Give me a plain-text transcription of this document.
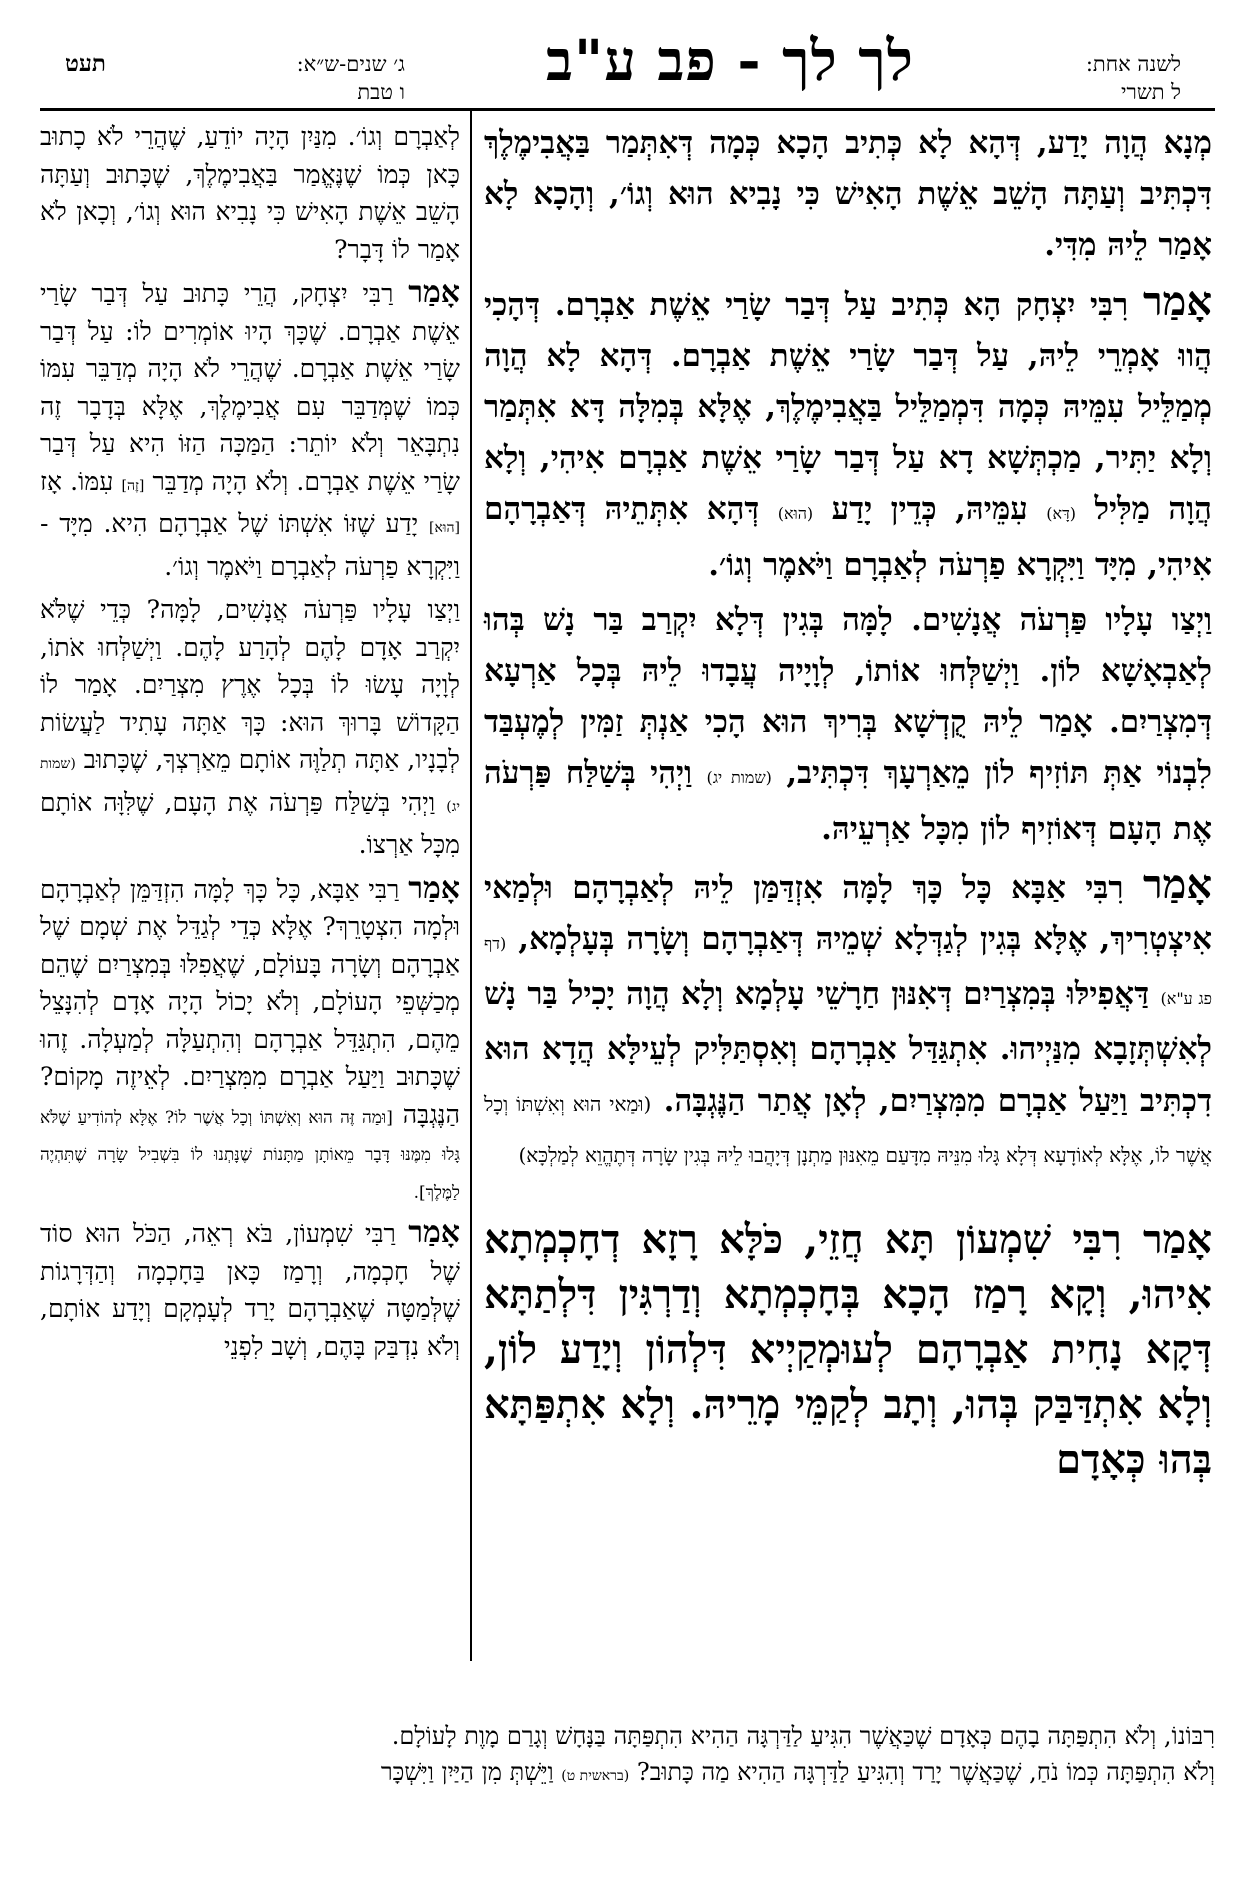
לשנה אחת:
ל תשרי
לך לך - פב ע"ב
ג׳ שנים-ש״א:
תעט
ו טבת

מְנָא הֲוָה יָדַע, דְּהָא לָא כְּתִיב הָכָא כְּמָה דְּאִתְּמַר בַּאֲבִימֶלֶךְ דִּכְתִּיב וְעַתָּה הָשֵׁב אֵשֶׁת הָאִישׁ כִּי נָבִיא הוּא וְגוֹ׳, וְהָכָא לָא אָמַר לֵיהּ מִדִּי.

אָמַר רִבִּי יִצְחָק הָא כְּתִיב עַל דְּבַר שָׂרַי אֵשֶׁת אַבְרָם. דְּהָכִי הֲווּ אָמְרֵי לֵיהּ, עַל דְּבַר שָׂרַי אֵשֶׁת אַבְרָם. דְּהָא לָא הֲוָה מְמַלֵּיל עִמֵּיהּ כְּמָה דִּמְמַלֵּיל בַּאֲבִימֶלֶךְ, אֶלָּא בְּמִלָּה דָּא אִתְּמַר וְלָא יַתִּיר, מַכְתְּשָׁא דָא עַל דְּבַר שָׂרַי אֵשֶׁת אַבְרָם אִיהִי, וְלָא הֲוָה מַלִּיל (דָּא) עִמֵּיהּ, כְּדֵין יָדַע (הוּא) דְּהָא אִתְּתֵיהּ דְּאַבְרָהָם אִיהִי, מִיָּד וַיִּקְרָא פַרְעֹה לְאַבְרָם וַיֹּאמֶר וְגוֹ׳.

וַיְצַו עָלָיו פַּרְעֹה אֲנָשִׁים. לָמָּה בְּגִין דְּלָא יִקְרַב בַּר נָשׁ בְּהוּ לְאַבְאָשָׁא לוֹן. וַיְשַׁלְּחוּ אוֹתוֹ, לְוָיָיה עֲבָדוּ לֵיהּ בְּכָל אַרְעָא דְּמִצְרַיִם. אָמַר לֵיהּ קֻדְשָׁא בְּרִיךְ הוּא הָכִי אַנְתְּ זַמִּין לְמֶעְבַּד לִבְנוֹי אַתְּ תּוֹזִיף לוֹן מֵאַרְעָךְ דִּכְתִּיב, (שמות יג) וַיְהִי בְּשַׁלַּח פַּרְעֹה אֶת הָעָם דְּאוֹזִיף לוֹן מִכָּל אַרְעֵיהּ.

אָמַר רִבִּי אַבָּא כָּל כָּךְ לָמָּה אִזְדַּמַּן לֵיהּ לְאַבְרָהָם וּלְמַאי אִיצְטְרִיךְ, אֶלָּא בְּגִין לְגַדְּלָא שְׁמֵיהּ דְּאַבְרָהָם וְשָׂרָה בְּעָלְמָא, (דף פג ע"א) דַּאֲפִילּוּ בְּמִצְרַיִם דְּאִנּוּן חַרָשֵׁי עָלְמָא וְלָא הֲוָה יָכִיל בַּר נָשׁ לְאִשְׁתְּזָבָא מִנַּיְיהוּ. אִתְגַּדַּל אַבְרָהָם וְאִסְתַּלִּיק לְעֵילָּא הֲדָא הוּא דִכְתִּיב וַיַּעַל אַבְרָם מִמִּצְרַיִם, לְאָן אֲתַר הַנֶּגְבָּה. (וּמַאי הוּא וְאִשְׁתּוֹ וְכָל אֲשֶׁר לוֹ, אֶלָּא לְאוֹדָעָא דְּלָא גָּלוּ מִנֵּיהּ מִדָּעַם מֵאִנּוּן מַתְנָן דְּיָהֲבוּ לֵיהּ בְּגִין שָׂרָה דְּתֶהֱוֵא לְמַלְכָּא)

אָמַר רִבִּי שִׁמְעוֹן תָּא חֲזֵי, כֹּלָּא רָזָא דְחָכְמְתָא אִיהוּ, וְקָא רָמַז הָכָא בְּחָכְמְתָא וְדַרְגִּין דִּלְתַתָּא דְּקָא נָחִית אַבְרָהָם לְעוּמְקַיְיא דִּלְהוֹן וְיָדַע לוֹן, וְלָא אִתְדַּבַּק בְּהוּ, וְתָב לְקַמֵּי מָרֵיהּ. וְלָא אִתְפַּתָּא בְּהוּ כְּאָדָם

לְאַבְרָם וְגוֹ׳. מִנַּיִן הָיָה יוֹדֵעַ, שֶׁהֲרֵי לֹא כָתוּב כָּאן כְּמוֹ שֶׁנֶּאֱמַר בַּאֲבִימֶלֶךְ, שֶׁכָּתוּב וְעַתָּה הָשֵׁב אֵשֶׁת הָאִישׁ כִּי נָבִיא הוּא וְגוֹ׳, וְכָאן לֹא אָמַר לוֹ דָּבָר?

אָמַר רַבִּי יִצְחָק, הֲרֵי כָּתוּב עַל דְּבַר שָׂרַי אֵשֶׁת אַבְרָם. שֶׁכָּךְ הָיוּ אוֹמְרִים לוֹ: עַל דְּבַר שָׂרַי אֵשֶׁת אַבְרָם. שֶׁהֲרֵי לֹא הָיָה מְדַבֵּר עִמּוֹ כְּמוֹ שֶׁמְּדַבֵּר עִם אֲבִימֶלֶךְ, אֶלָּא בְּדָבָר זֶה נִתְבָּאֵר וְלֹא יוֹתֵר: הַמַּכָּה הַזּוֹ הִיא עַל דְּבַר שָׂרַי אֵשֶׁת אַבְרָם. וְלֹא הָיָה מְדַבֵּר [זֶה] עִמּוֹ. אָז [הוּא] יָדַע שֶׁזּוֹ אִשְׁתּוֹ שֶׁל אַבְרָהָם הִיא. מִיָּד - וַיִּקְרָא פַרְעֹה לְאַבְרָם וַיֹּאמֶר וְגוֹ׳.

וַיְצַו עָלָיו פַּרְעֹה אֲנָשִׁים, לָמָּה? כְּדֵי שֶׁלֹּא יִקְרַב אָדָם לָהֶם לְהָרַע לָהֶם. וַיְשַׁלְּחוּ אֹתוֹ, לְוָיָה עָשׂוּ לוֹ בְּכָל אֶרֶץ מִצְרַיִם. אָמַר לוֹ הַקָּדוֹשׁ בָּרוּךְ הוּא: כָּךְ אַתָּה עָתִיד לַעֲשׂוֹת לְבָנָיו, אַתָּה תְלַוֶּה אוֹתָם מֵאַרְצְךָ, שֶׁכָּתוּב (שמות יג) וַיְהִי בְּשַׁלַּח פַּרְעֹה אֶת הָעָם, שֶׁלִּוָּה אוֹתָם מִכָּל אַרְצוֹ.

אָמַר רַבִּי אַבָּא, כָּל כָּךְ לָמָּה הִזְדַּמֵּן לְאַבְרָהָם וּלְמָה הִצְטָרֵךְ? אֶלָּא כְּדֵי לְגַדֵּל אֶת שְׁמָם שֶׁל אַבְרָהָם וְשָׂרָה בָּעוֹלָם, שֶׁאֲפִלּוּ בְּמִצְרַיִם שֶׁהֵם מְכַשְּׁפֵי הָעוֹלָם, וְלֹא יָכוֹל הָיָה אָדָם לְהִנָּצֵל מֵהֶם, הִתְגַּדֵּל אַבְרָהָם וְהִתְעַלָּה לְמַעְלָה. זֶהוּ שֶׁכָּתוּב וַיַּעַל אַבְרָם מִמִּצְרַיִם. לְאֵיזֶה מָקוֹם? הַנֶּגְבָּה [וּמַה זֶּה הוּא וְאִשְׁתּוֹ וְכָל אֲשֶׁר לוֹ? אֶלָּא לְהוֹדִיעַ שֶׁלֹּא גָּלוּ מִמֶּנּוּ דָּבָר מֵאוֹתָן מַתָּנוֹת שֶׁנָּתְנוּ לוֹ בִּשְׁבִיל שָׂרָה שֶׁתִּהְיֶה לַמֶּלֶךְ].

אָמַר רַבִּי שִׁמְעוֹן, בֹּא רְאֵה, הַכֹּל הוּא סוֹד שֶׁל חָכְמָה, וְרָמַז כָּאן בַּחָכְמָה וְהַדְּרָגוֹת שֶׁלְּמַטָּה שֶׁאַבְרָהָם יָרַד לְעָמְקָם וְיָדַע אוֹתָם, וְלֹא נִדְבַּק בָּהֶם, וְשָׁב לִפְנֵי

רִבּוֹנוֹ, וְלֹא הִתְפַּתָּה בָהֶם כְּאָדָם שֶׁכַּאֲשֶׁר הִגִּיעַ לַדַּרְגָּה הַהִיא הִתְפַּתָּה בַּנָּחָשׁ וְגָרַם מָוֶת לָעוֹלָם.
וְלֹא הִתְפַּתָּה כְּמוֹ נֹחַ, שֶׁכַּאֲשֶׁר יָרַד וְהִגִּיעַ לַדַּרְגָּה הַהִיא מַה כָּתוּב? (בראשית ט) וַיֵּשְׁתְּ מִן הַיַּיִן וַיִּשְׁכָּר
